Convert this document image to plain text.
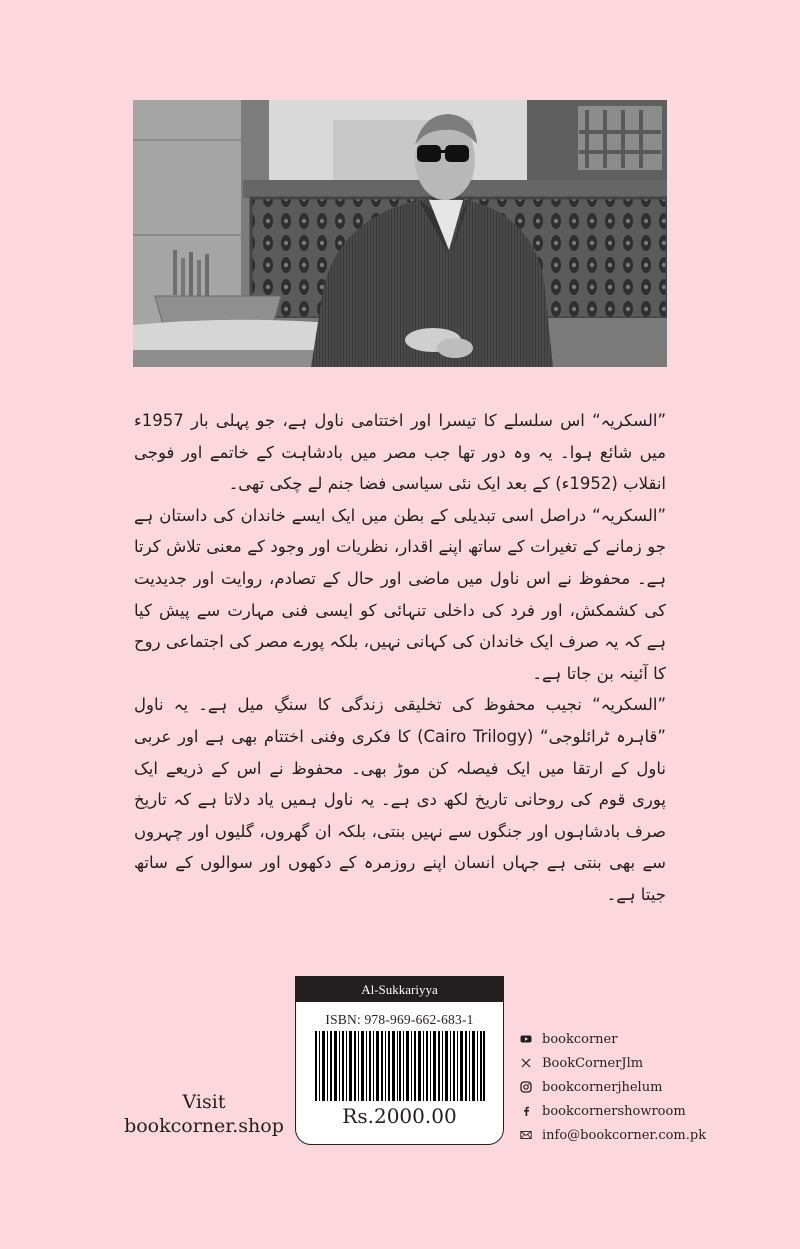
”السکریہ“ اس سلسلے کا تیسرا اور اختتامی ناول ہے، جو پہلی بار 1957ء میں شائع ہوا۔ یہ وہ دور تھا جب مصر میں بادشاہت کے خاتمے اور فوجی انقلاب (1952ء) کے بعد ایک نئی سیاسی فضا جنم لے چکی تھی۔

”السکریہ“ دراصل اسی تبدیلی کے بطن میں ایک ایسے خاندان کی داستان ہے جو زمانے کے تغیرات کے ساتھ اپنے اقدار، نظریات اور وجود کے معنی تلاش کرتا ہے۔ محفوظ نے اس ناول میں ماضی اور حال کے تصادم، روایت اور جدیدیت کی کشمکش، اور فرد کی داخلی تنہائی کو ایسی فنی مہارت سے پیش کیا ہے کہ یہ صرف ایک خاندان کی کہانی نہیں، بلکہ پورے مصر کی اجتماعی روح کا آئینہ بن جاتا ہے۔

”السکریہ“ نجیب محفوظ کی تخلیقی زندگی کا سنگِ میل ہے۔ یہ ناول ”قاہرہ ٹرائلوجی“ (Cairo Trilogy) کا فکری وفنی اختتام بھی ہے اور عربی ناول کے ارتقا میں ایک فیصلہ کن موڑ بھی۔ محفوظ نے اس کے ذریعے ایک پوری قوم کی روحانی تاریخ لکھ دی ہے۔ یہ ناول ہمیں یاد دلاتا ہے کہ تاریخ صرف بادشاہوں اور جنگوں سے نہیں بنتی، بلکہ ان گھروں، گلیوں اور چہروں سے بھی بنتی ہے جہاں انسان اپنے روزمرہ کے دکھوں اور سوالوں کے ساتھ جیتا ہے۔

Al-Sukkariyya
ISBN: 978-969-662-683-1
Rs.2000.00
Visit
bookcorner.shop
bookcorner
BookCornerJlm
bookcornerjhelum
bookcornershowroom
info@bookcorner.com.pk
